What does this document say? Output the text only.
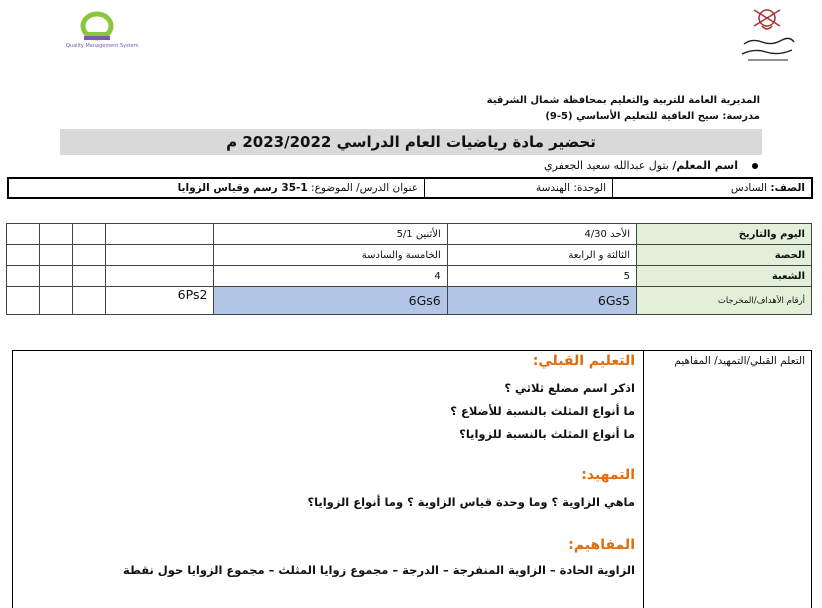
Quality Management System
المديرية العامة للتربية والتعليم بمحافظة شمال الشرقية
مدرسة: سيح العافية للتعليم الأساسي (5-9)
تحضير مادة رياضيات العام الدراسي 2023/2022 م
اسم المعلم/ بتول عبدالله سعيد الجعفري
الصف: السادس	الوحدة: الهندسة	عنوان الدرس/ الموضوع: 1-35 رسم وقياس الزوايا
اليوم والتاريخ	الأحد 4/30	الأثنين 5/1				
الحصة	الثالثة و الرابعة	الخامسة والسادسة				
الشعبة	5	4				
أرقام الأهداف/المخرجات	6Gs5	6Gs6	6Ps2			
التعلم القبلي/التمهيد/ المفاهيم

التعليم القبلي:

اذكر اسم مضلع ثلاثي ؟

ما أنواع المثلث بالنسبة للأضلاع ؟

ما أنواع المثلث بالنسبة للزوايا؟

التمهيد:

ماهي الزاوية ؟ وما وحدة قياس الزاوية ؟ وما أنواع الزوايا؟

المفاهيم:

الزاوية الحادة – الزاوية المنفرجة – الدرجة – مجموع زوايا المثلث – مجموع الزوايا حول نقطة
